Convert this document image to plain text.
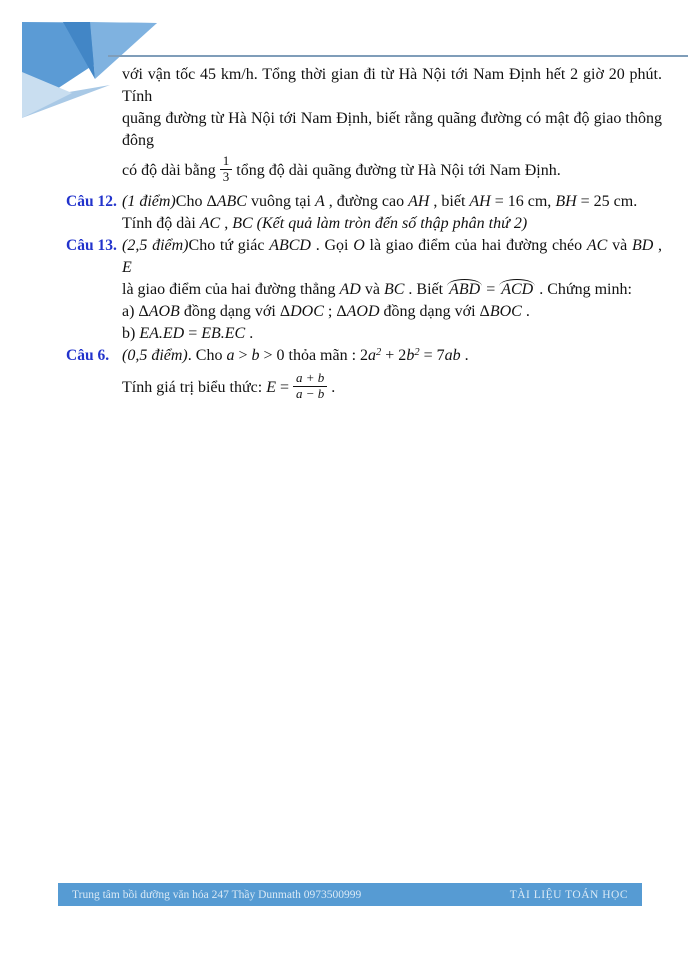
với vận tốc 45 km/h. Tổng thời gian đi từ Hà Nội tới Nam Định hết 2 giờ 20 phút. Tính
quãng đường từ Hà Nội tới Nam Định, biết rằng quãng đường có mật độ giao thông đông
có độ dài bằng $\frac{1}{3}$ tổng độ dài quãng đường từ Hà Nội tới Nam Định.
Câu 12. (1 điểm)Cho ΔABC vuông tại A , đường cao AH , biết AH = 16 cm, BH = 25 cm.
Tính độ dài AC , BC (Kết quả làm tròn đến số thập phân thứ 2)
Câu 13. (2,5 điểm)Cho tứ giác ABCD . Gọi O là giao điểm của hai đường chéo AC và BD , E
là giao điểm của hai đường thẳng AD và BC . Biết ABD = ACD . Chứng minh:
a) ΔAOB đồng dạng với ΔDOC ; ΔAOD đồng dạng với ΔBOC .
b) EA.ED = EB.EC .
Câu 6. (0,5 điểm). Cho a > b > 0 thỏa mãn : $2a^2 + 2b^2 = 7ab$ .
Tính giá trị biểu thức: $E = \frac{a + b}{a - b}$ .
Trung tâm bồi dưỡng văn hóa 247 Thầy Dunmath 0973500999	TÀI LIỆU TOÁN HỌC
